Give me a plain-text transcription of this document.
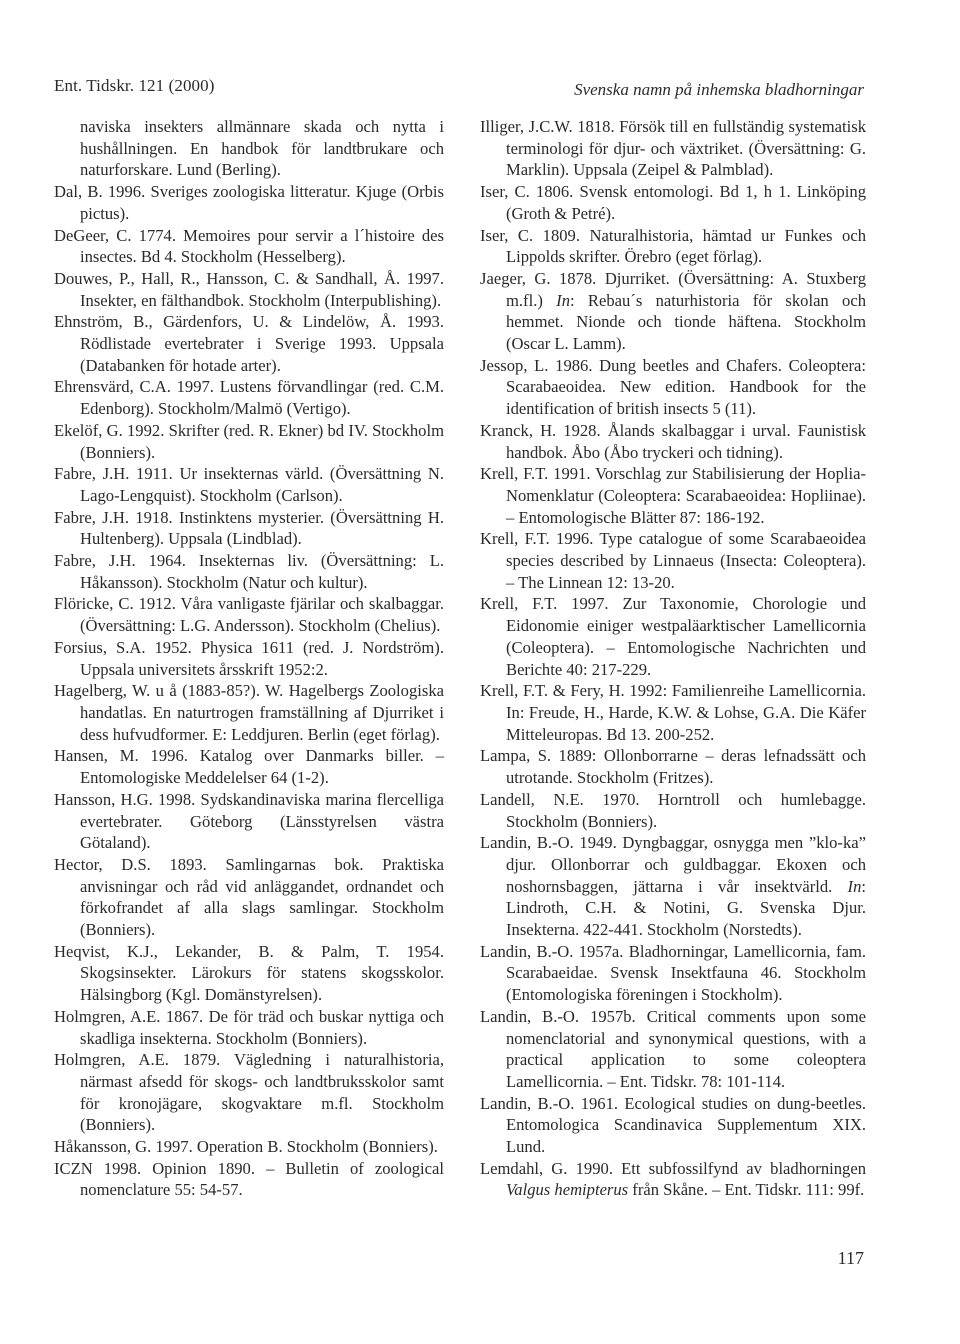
Ent. Tidskr. 121 (2000)	Svenska namn på inhemska bladhorningar

naviska insekters allmännare skada och nytta i hushållningen. En handbok för landtbrukare och naturforskare. Lund (Berling).

Dal, B. 1996. Sveriges zoologiska litteratur. Kjuge (Orbis pictus).

DeGeer, C. 1774. Memoires pour servir a l´histoire des insectes. Bd 4. Stockholm (Hesselberg).

Douwes, P., Hall, R., Hansson, C. & Sandhall, Å. 1997. Insekter, en fälthandbok. Stockholm (Interpublishing).

Ehnström, B., Gärdenfors, U. & Lindelöw, Å. 1993. Rödlistade evertebrater i Sverige 1993. Uppsala (Databanken för hotade arter).

Ehrensvärd, C.A. 1997. Lustens förvandlingar (red. C.M. Edenborg). Stockholm/Malmö (Vertigo).

Ekelöf, G. 1992. Skrifter (red. R. Ekner) bd IV. Stockholm (Bonniers).

Fabre, J.H. 1911. Ur insekternas värld. (Översättning N. Lago-Lengquist). Stockholm (Carlson).

Fabre, J.H. 1918. Instinktens mysterier. (Översättning H. Hultenberg). Uppsala (Lindblad).

Fabre, J.H. 1964. Insekternas liv. (Översättning: L. Håkansson). Stockholm (Natur och kultur).

Flöricke, C. 1912. Våra vanligaste fjärilar och skalbaggar. (Översättning: L.G. Andersson). Stockholm (Chelius).

Forsius, S.A. 1952. Physica 1611 (red. J. Nordström). Uppsala universitets årsskrift 1952:2.

Hagelberg, W. u å (1883-85?). W. Hagelbergs Zoologiska handatlas. En naturtrogen framställning af Djurriket i dess hufvudformer. E: Leddjuren. Berlin (eget förlag).

Hansen, M. 1996. Katalog over Danmarks biller. – Entomologiske Meddelelser 64 (1-2).

Hansson, H.G. 1998. Sydskandinaviska marina flercelliga evertebrater. Göteborg (Länsstyrelsen västra Götaland).

Hector, D.S. 1893. Samlingarnas bok. Praktiska anvisningar och råd vid anläggandet, ordnandet och förkofrandet af alla slags samlingar. Stockholm (Bonniers).

Heqvist, K.J., Lekander, B. & Palm, T. 1954. Skogsinsekter. Lärokurs för statens skogsskolor. Hälsingborg (Kgl. Domänstyrelsen).

Holmgren, A.E. 1867. De för träd och buskar nyttiga och skadliga insekterna. Stockholm (Bonniers).

Holmgren, A.E. 1879. Vägledning i naturalhistoria, närmast afsedd för skogs- och landtbruksskolor samt för kronojägare, skogvaktare m.fl. Stockholm (Bonniers).

Håkansson, G. 1997. Operation B. Stockholm (Bonniers).

ICZN 1998. Opinion 1890. – Bulletin of zoological nomenclature 55: 54-57.

Illiger, J.C.W. 1818. Försök till en fullständig systematisk terminologi för djur- och växtriket. (Översättning: G. Marklin). Uppsala (Zeipel & Palmblad).

Iser, C. 1806. Svensk entomologi. Bd 1, h 1. Linköping (Groth & Petré).

Iser, C. 1809. Naturalhistoria, hämtad ur Funkes och Lippolds skrifter. Örebro (eget förlag).

Jaeger, G. 1878. Djurriket. (Översättning: A. Stuxberg m.fl.) In: Rebau´s naturhistoria för skolan och hemmet. Nionde och tionde häftena. Stockholm (Oscar L. Lamm).

Jessop, L. 1986. Dung beetles and Chafers. Coleoptera: Scarabaeoidea. New edition. Handbook for the identification of british insects 5 (11).

Kranck, H. 1928. Ålands skalbaggar i urval. Faunistisk handbok. Åbo (Åbo tryckeri och tidning).

Krell, F.T. 1991. Vorschlag zur Stabilisierung der Hoplia-Nomenklatur (Coleoptera: Scarabaeoidea: Hopliinae). – Entomologische Blätter 87: 186-192.

Krell, F.T. 1996. Type catalogue of some Scarabaeoidea species described by Linnaeus (Insecta: Coleoptera). – The Linnean 12: 13-20.

Krell, F.T. 1997. Zur Taxonomie, Chorologie und Eidonomie einiger westpaläarktischer Lamellicornia (Coleoptera). – Entomologische Nachrichten und Berichte 40: 217-229.

Krell, F.T. & Fery, H. 1992: Familienreihe Lamellicornia. In: Freude, H., Harde, K.W. & Lohse, G.A. Die Käfer Mitteleuropas. Bd 13. 200-252.

Lampa, S. 1889: Ollonborrarne – deras lefnadssätt och utrotande. Stockholm (Fritzes).

Landell, N.E. 1970. Horntroll och humlebagge. Stockholm (Bonniers).

Landin, B.-O. 1949. Dyngbaggar, osnygga men ”klo-ka” djur. Ollonborrar och guldbaggar. Ekoxen och noshornsbaggen, jättarna i vår insektvärld. In: Lindroth, C.H. & Notini, G. Svenska Djur. Insekterna. 422-441. Stockholm (Norstedts).

Landin, B.-O. 1957a. Bladhorningar, Lamellicornia, fam. Scarabaeidae. Svensk Insektfauna 46. Stockholm (Entomologiska föreningen i Stockholm).

Landin, B.-O. 1957b. Critical comments upon some nomenclatorial and synonymical questions, with a practical application to some coleoptera Lamellicornia. – Ent. Tidskr. 78: 101-114.

Landin, B.-O. 1961. Ecological studies on dung-beetles. Entomologica Scandinavica Supplementum XIX. Lund.

Lemdahl, G. 1990. Ett subfossilfynd av bladhorningen Valgus hemipterus från Skåne. – Ent. Tidskr. 111: 99f.

117
